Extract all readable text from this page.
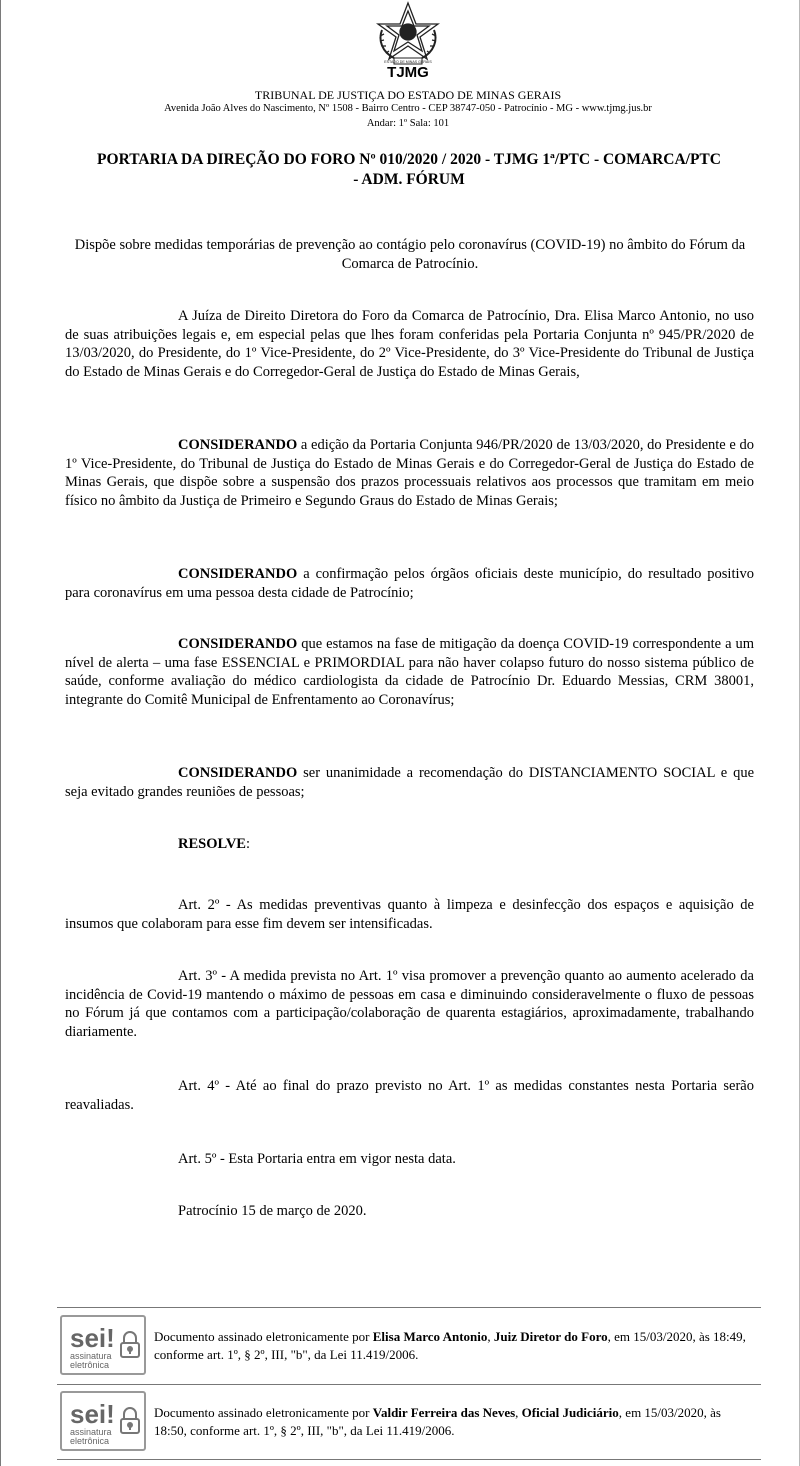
ESTADO DE MINAS GERAIS
TJMG
TRIBUNAL DE JUSTIÇA DO ESTADO DE MINAS GERAIS
Avenida João Alves do Nascimento, Nº 1508 - Bairro Centro - CEP 38747-050 - Patrocínio - MG - www.tjmg.jus.br
Andar: 1º Sala: 101
PORTARIA DA DIREÇÃO DO FORO Nº 010/2020 / 2020 - TJMG 1ª/PTC - COMARCA/PTC
- ADM. FÓRUM
Dispõe sobre medidas temporárias de prevenção ao contágio pelo coronavírus (COVID-19) no âmbito do Fórum da Comarca de Patrocínio.
A Juíza de Direito Diretora do Foro da Comarca de Patrocínio, Dra. Elisa Marco Antonio, no uso de suas atribuições legais e, em especial pelas que lhes foram conferidas pela Portaria Conjunta nº 945/PR/2020 de 13/03/2020, do Presidente, do 1º Vice-Presidente, do 2º Vice-Presidente, do 3º Vice-Presidente do Tribunal de Justiça do Estado de Minas Gerais e do Corregedor-Geral de Justiça do Estado de Minas Gerais,
CONSIDERANDO a edição da Portaria Conjunta 946/PR/2020 de 13/03/2020, do Presidente e do 1º Vice-Presidente, do Tribunal de Justiça do Estado de Minas Gerais e do Corregedor-Geral de Justiça do Estado de Minas Gerais, que dispõe sobre a suspensão dos prazos processuais relativos aos processos que tramitam em meio físico no âmbito da Justiça de Primeiro e Segundo Graus do Estado de Minas Gerais;
CONSIDERANDO a confirmação pelos órgãos oficiais deste município, do resultado positivo para coronavírus em uma pessoa desta cidade de Patrocínio;
CONSIDERANDO que estamos na fase de mitigação da doença COVID-19 correspondente a um nível de alerta – uma fase ESSENCIAL e PRIMORDIAL para não haver colapso futuro do nosso sistema público de saúde, conforme avaliação do médico cardiologista da cidade de Patrocínio Dr. Eduardo Messias, CRM 38001, integrante do Comitê Municipal de Enfrentamento ao Coronavírus;
CONSIDERANDO ser unanimidade a recomendação do DISTANCIAMENTO SOCIAL e que seja evitado grandes reuniões de pessoas;
RESOLVE:
Art. 2º - As medidas preventivas quanto à limpeza e desinfecção dos espaços e aquisição de insumos que colaboram para esse fim devem ser intensificadas.
Art. 3º - A medida prevista no Art. 1º visa promover a prevenção quanto ao aumento acelerado da incidência de Covid-19 mantendo o máximo de pessoas em casa e diminuindo consideravelmente o fluxo de pessoas no Fórum já que contamos com a participação/colaboração de quarenta estagiários, aproximadamente, trabalhando diariamente.
Art. 4º - Até ao final do prazo previsto no Art. 1º as medidas constantes nesta Portaria serão reavaliadas.
Art. 5º - Esta Portaria entra em vigor nesta data.
Patrocínio 15 de março de 2020.
sei!
assinatura
eletrônica
Documento assinado eletronicamente por Elisa Marco Antonio, Juiz Diretor do Foro, em 15/03/2020, às 18:49, conforme art. 1º, § 2º, III, "b", da Lei 11.419/2006.
sei!
assinatura
eletrônica
Documento assinado eletronicamente por Valdir Ferreira das Neves, Oficial Judiciário, em 15/03/2020, às 18:50, conforme art. 1º, § 2º, III, "b", da Lei 11.419/2006.
